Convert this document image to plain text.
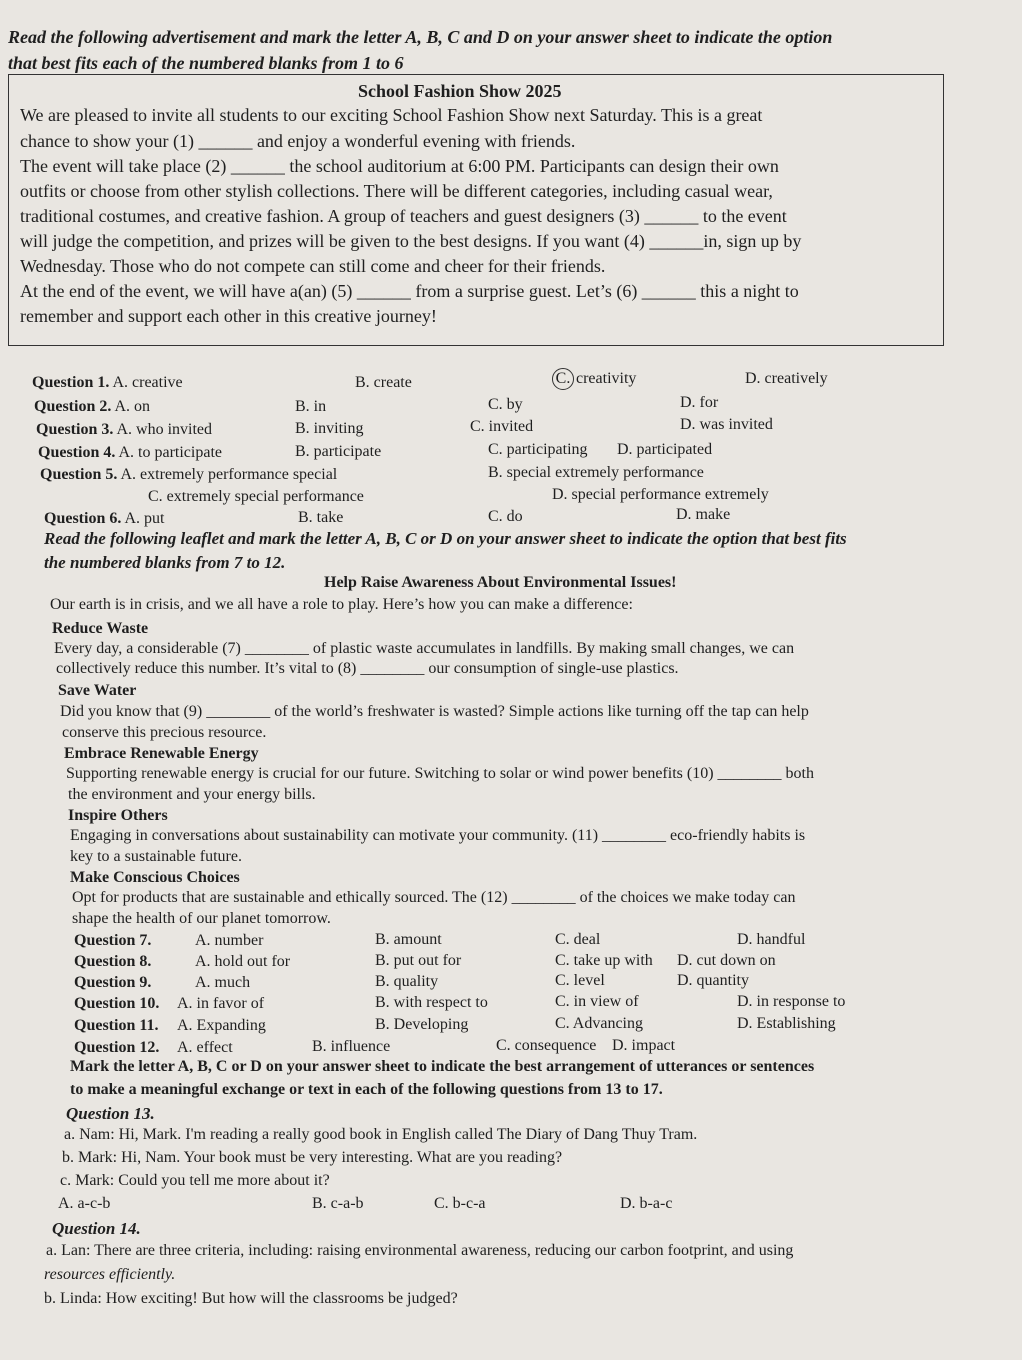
Read the following advertisement and mark the letter A, B, C and D on your answer sheet to indicate the option
that best fits each of the numbered blanks from 1 to 6
School Fashion Show 2025
We are pleased to invite all students to our exciting School Fashion Show next Saturday. This is a great
chance to show your (1) ______ and enjoy a wonderful evening with friends.
The event will take place (2) ______ the school auditorium at 6:00 PM. Participants can design their own
outfits or choose from other stylish collections. There will be different categories, including casual wear,
traditional costumes, and creative fashion. A group of teachers and guest designers (3) ______ to the event
will judge the competition, and prizes will be given to the best designs. If you want (4) ______in, sign up by
Wednesday. Those who do not compete can still come and cheer for their friends.
At the end of the event, we will have a(an) (5) ______ from a surprise guest. Let’s (6) ______ this a night to
remember and support each other in this creative journey!
Question 1. A. creative	B. create	C. creativity	D. creatively
Question 2. A. on	B. in	C. by	D. for
Question 3. A. who invited	B. inviting	C. invited	D. was invited
Question 4. A. to participate	B. participate	C. participating D. participated
Question 5. A. extremely performance special	B. special extremely performance
C. extremely special performance	D. special performance extremely
Question 6. A. put	B. take	C. do	D. make
Read the following leaflet and mark the letter A, B, C or D on your answer sheet to indicate the option that best fits
the numbered blanks from 7 to 12.
Help Raise Awareness About Environmental Issues!
Our earth is in crisis, and we all have a role to play. Here’s how you can make a difference:
Reduce Waste
Every day, a considerable (7) ________ of plastic waste accumulates in landfills. By making small changes, we can
collectively reduce this number. It’s vital to (8) ________ our consumption of single-use plastics.
Save Water
Did you know that (9) ________ of the world’s freshwater is wasted? Simple actions like turning off the tap can help
conserve this precious resource.
Embrace Renewable Energy
Supporting renewable energy is crucial for our future. Switching to solar or wind power benefits (10) ________ both
the environment and your energy bills.
Inspire Others
Engaging in conversations about sustainability can motivate your community. (11) ________ eco-friendly habits is
key to a sustainable future.
Make Conscious Choices
Opt for products that are sustainable and ethically sourced. The (12) ________ of the choices we make today can
shape the health of our planet tomorrow.
Question 7.	A. number	B. amount	C. deal	D. handful
Question 8.	A. hold out for	B. put out for	C. take up with D. cut down on
Question 9.	A. much	B. quality	C. level	D. quantity
Question 10. A. in favor of	B. with respect to	C. in view of	D. in response to
Question 11. A. Expanding	B. Developing	C. Advancing	D. Establishing
Question 12. A. effect	B. influence	C. consequence D. impact
Mark the letter A, B, C or D on your answer sheet to indicate the best arrangement of utterances or sentences
to make a meaningful exchange or text in each of the following questions from 13 to 17.
Question 13.
a. Nam: Hi, Mark. I'm reading a really good book in English called The Diary of Dang Thuy Tram.
b. Mark: Hi, Nam. Your book must be very interesting. What are you reading?
c. Mark: Could you tell me more about it?
A. a-c-b	B. c-a-b	C. b-c-a	D. b-a-c
Question 14.
a. Lan: There are three criteria, including: raising environmental awareness, reducing our carbon footprint, and using
resources efficiently.
b. Linda: How exciting! But how will the classrooms be judged?
